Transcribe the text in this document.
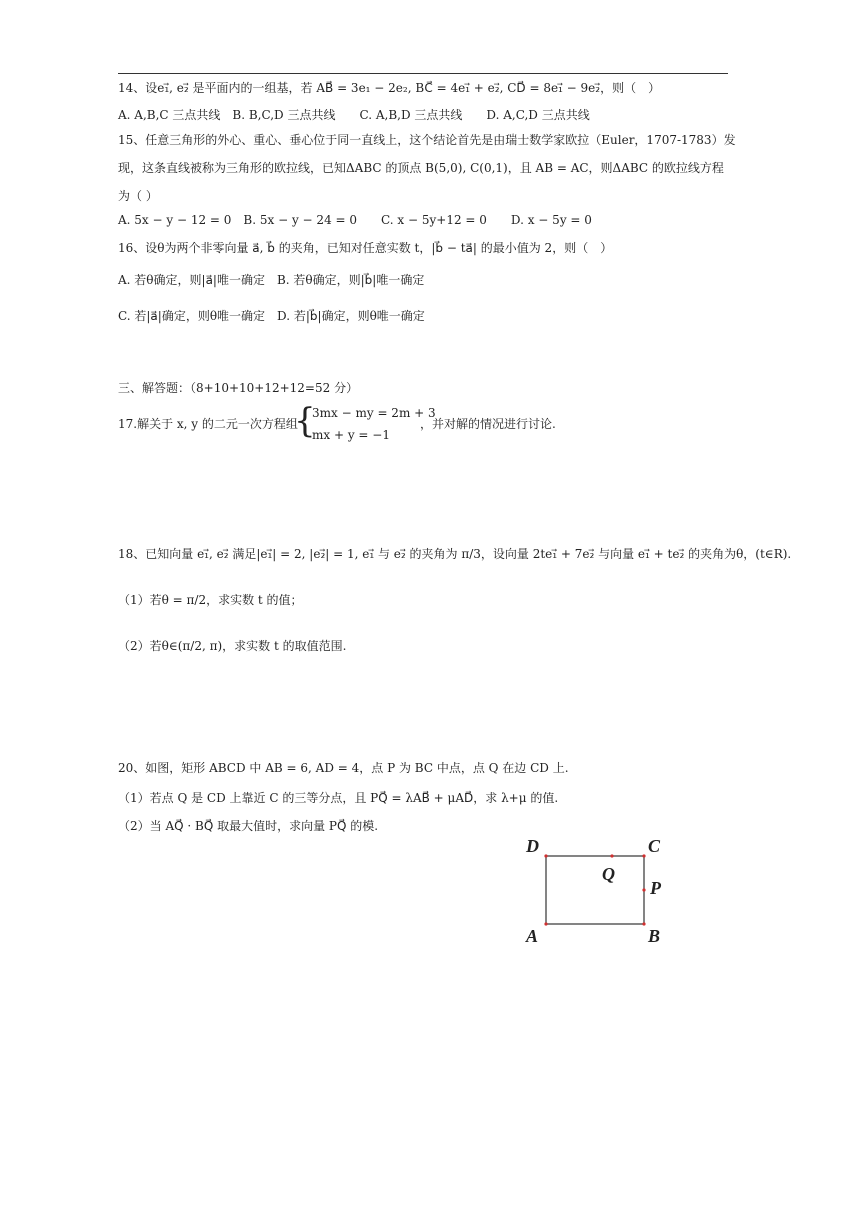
14、设e₁⃗, e₂⃗ 是平面内的一组基，若 AB⃗ = 3e₁ − 2e₂, BC⃗ = 4e₁⃗ + e₂⃗, CD⃗ = 8e₁⃗ − 9e₂⃗，则（　）
A. A,B,C 三点共线　B. B,C,D 三点共线　　C. A,B,D 三点共线　　D. A,C,D 三点共线
15、任意三角形的外心、重心、垂心位于同一直线上，这个结论首先是由瑞士数学家欧拉（Euler，1707-1783）发
现，这条直线被称为三角形的欧拉线，已知ΔABC 的顶点 B(5,0), C(0,1)，且 AB = AC，则ΔABC 的欧拉线方程
为（ ）
A. 5x − y − 12 = 0　B. 5x − y − 24 = 0　　C. x − 5y+12 = 0　　D. x − 5y = 0
16、设θ为两个非零向量 a⃗, b⃗ 的夹角，已知对任意实数 t，|b⃗ − ta⃗| 的最小值为 2，则（　）
A. 若θ确定，则|a⃗|唯一确定　B. 若θ确定，则|b⃗|唯一确定
C. 若|a⃗|确定，则θ唯一确定　D. 若|b⃗|确定，则θ唯一确定
三、解答题：（8+10+10+12+12=52 分）
17.解关于 x, y 的二元一次方程组
18、已知向量 e₁⃗, e₂⃗ 满足|e₁⃗| = 2, |e₂⃗| = 1, e₁⃗ 与 e₂⃗ 的夹角为 π/3，设向量 2te₁⃗ + 7e₂⃗ 与向量 e₁⃗ + te₂⃗ 的夹角为θ，(t∈R).
（1）若θ = π/2，求实数 t 的值；
（2）若θ∈(π/2, π)，求实数 t 的取值范围.
20、如图，矩形 ABCD 中 AB = 6, AD = 4，点 P 为 BC 中点，点 Q 在边 CD 上.
（1）若点 Q 是 CD 上靠近 C 的三等分点，且 PQ⃗ = λAB⃗ + μAD⃗，求 λ+μ 的值.
（2）当 AQ⃗ · BQ⃗ 取最大值时，求向量 PQ⃗ 的模.
{
3mx − my = 2m + 3
mx + y = −1
，并对解的情况进行讨论.
D	C
A	B
Q
P
